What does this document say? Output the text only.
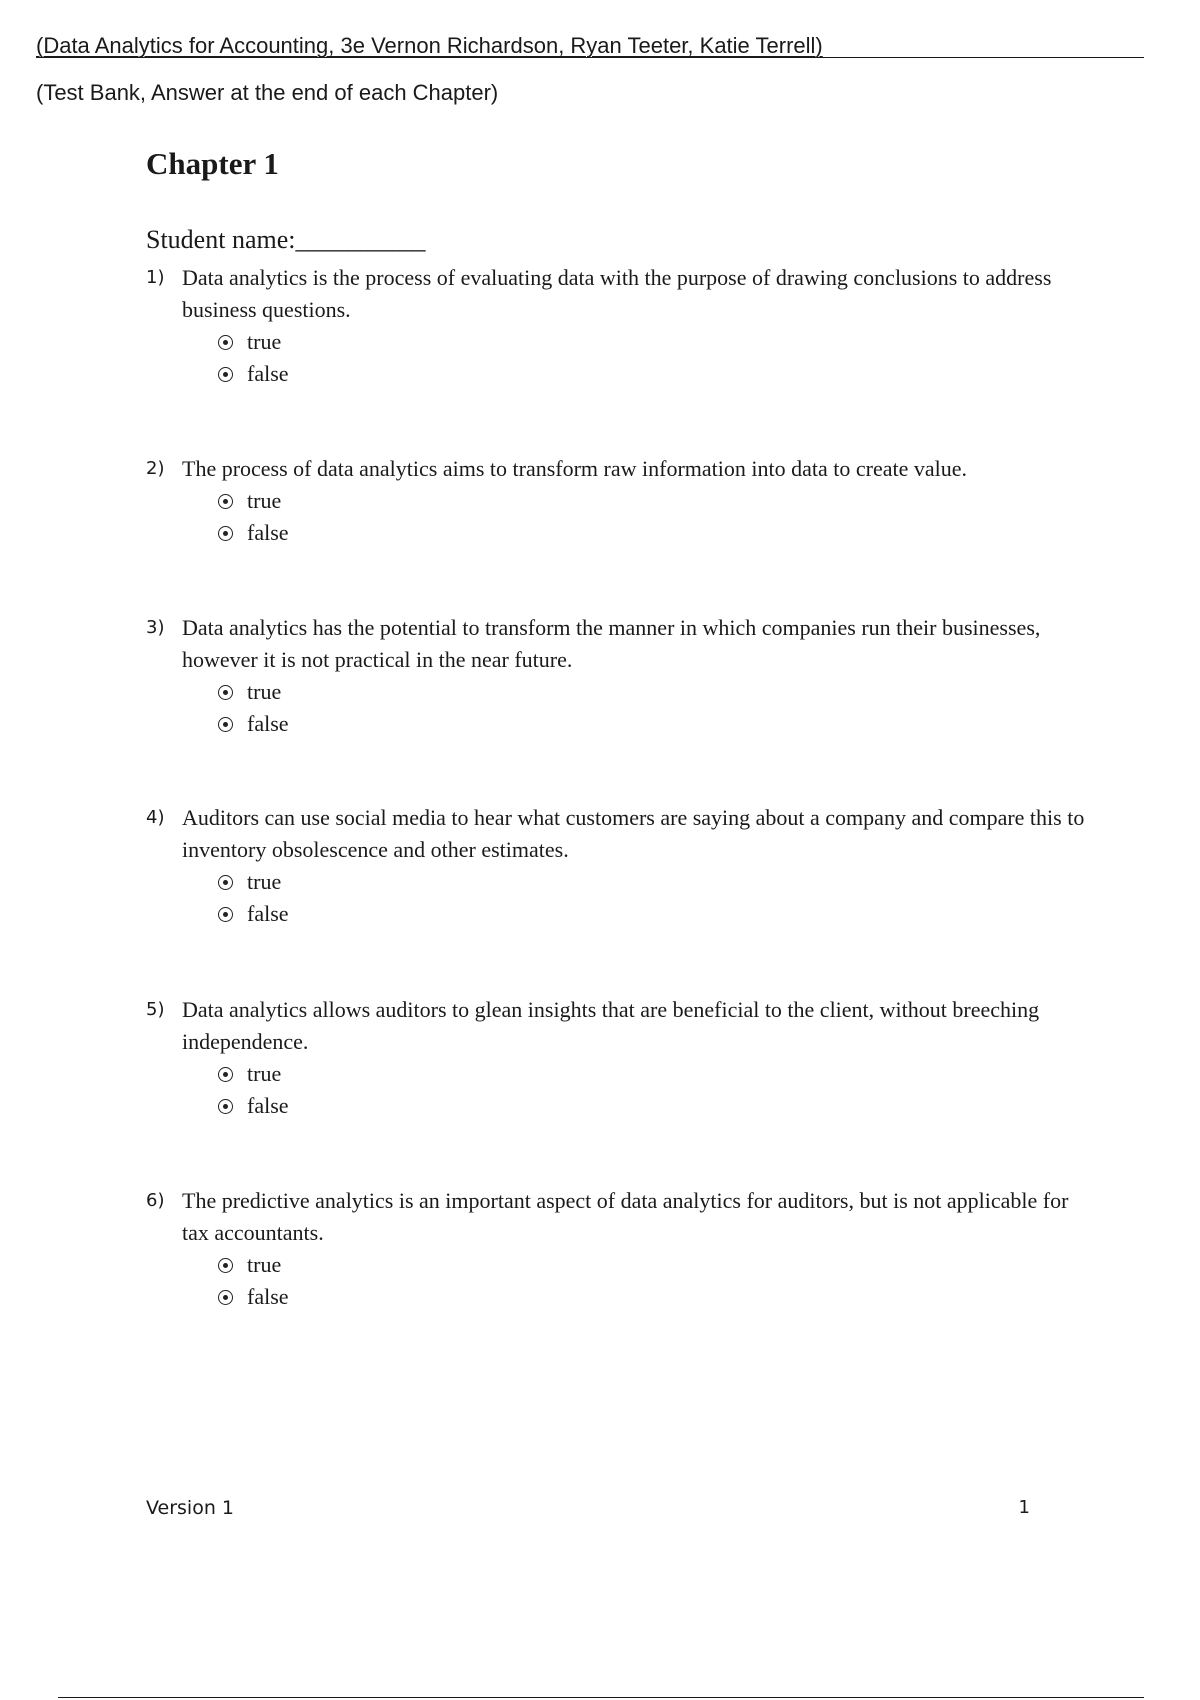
(Data Analytics for Accounting, 3e Vernon Richardson, Ryan Teeter, Katie Terrell)
(Test Bank, Answer at the end of each Chapter)
Chapter 1
Student name:__________
1) Data analytics is the process of evaluating data with the purpose of drawing conclusions to address business questions.
true
false
2) The process of data analytics aims to transform raw information into data to create value.
true
false
3) Data analytics has the potential to transform the manner in which companies run their businesses, however it is not practical in the near future.
true
false
4) Auditors can use social media to hear what customers are saying about a company and compare this to inventory obsolescence and other estimates.
true
false
5) Data analytics allows auditors to glean insights that are beneficial to the client, without breeching independence.
true
false
6) The predictive analytics is an important aspect of data analytics for auditors, but is not applicable for tax accountants.
true
false
Version 1	1
